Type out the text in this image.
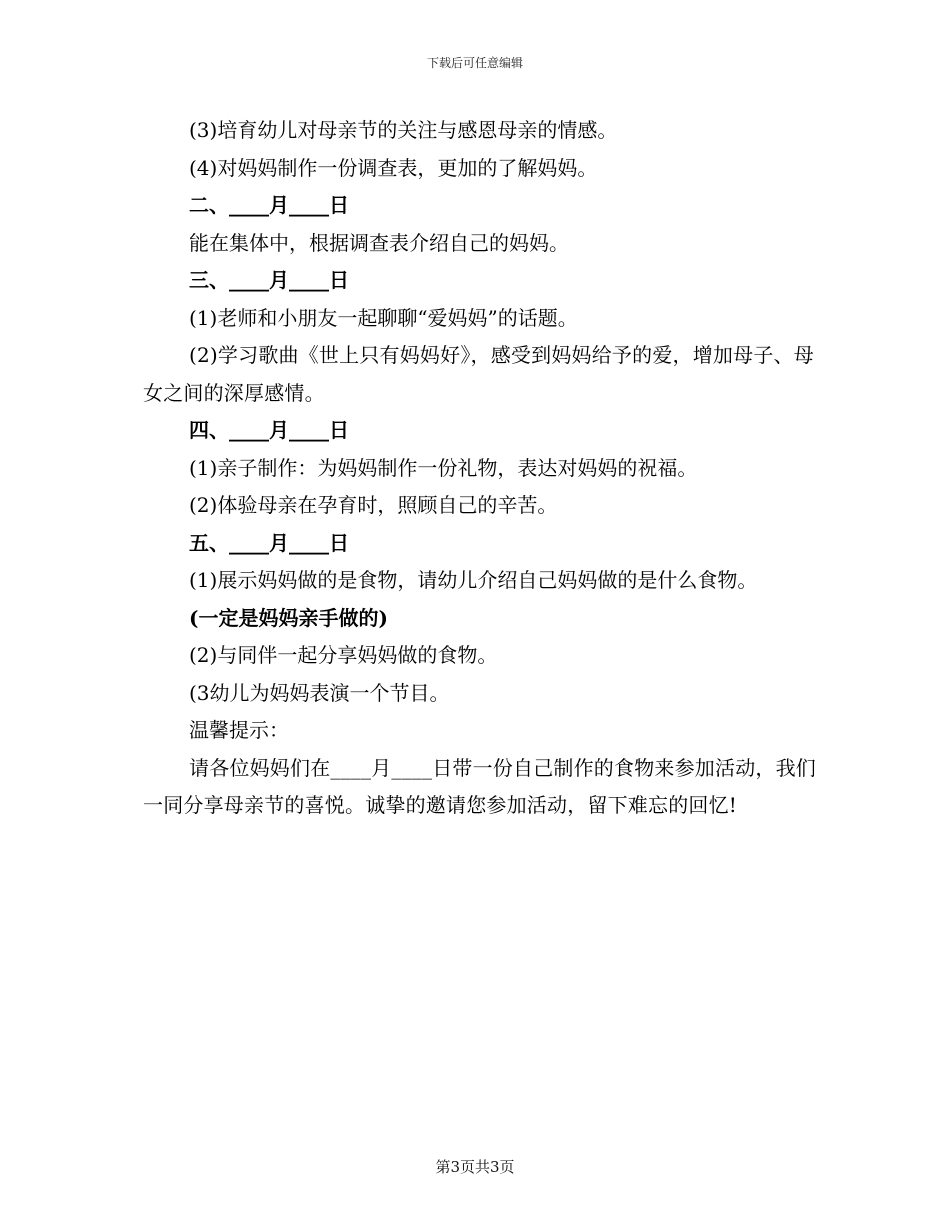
下载后可任意编辑

(3)培育幼儿对母亲节的关注与感恩母亲的情感。

(4)对妈妈制作一份调查表，更加的了解妈妈。

二、____月____日

能在集体中，根据调查表介绍自己的妈妈。

三、____月____日

(1)老师和小朋友一起聊聊“爱妈妈”的话题。

(2)学习歌曲《世上只有妈妈好》，感受到妈妈给予的爱，增加母子、母女之间的深厚感情。

四、____月____日

(1)亲子制作：为妈妈制作一份礼物，表达对妈妈的祝福。

(2)体验母亲在孕育时，照顾自己的辛苦。

五、____月____日

(1)展示妈妈做的是食物，请幼儿介绍自己妈妈做的是什么食物。

(一定是妈妈亲手做的)

(2)与同伴一起分享妈妈做的食物。

(3幼儿为妈妈表演一个节目。

温馨提示：

请各位妈妈们在____月____日带一份自己制作的食物来参加活动，我们一同分享母亲节的喜悦。诚挚的邀请您参加活动，留下难忘的回忆!

第3页共3页
